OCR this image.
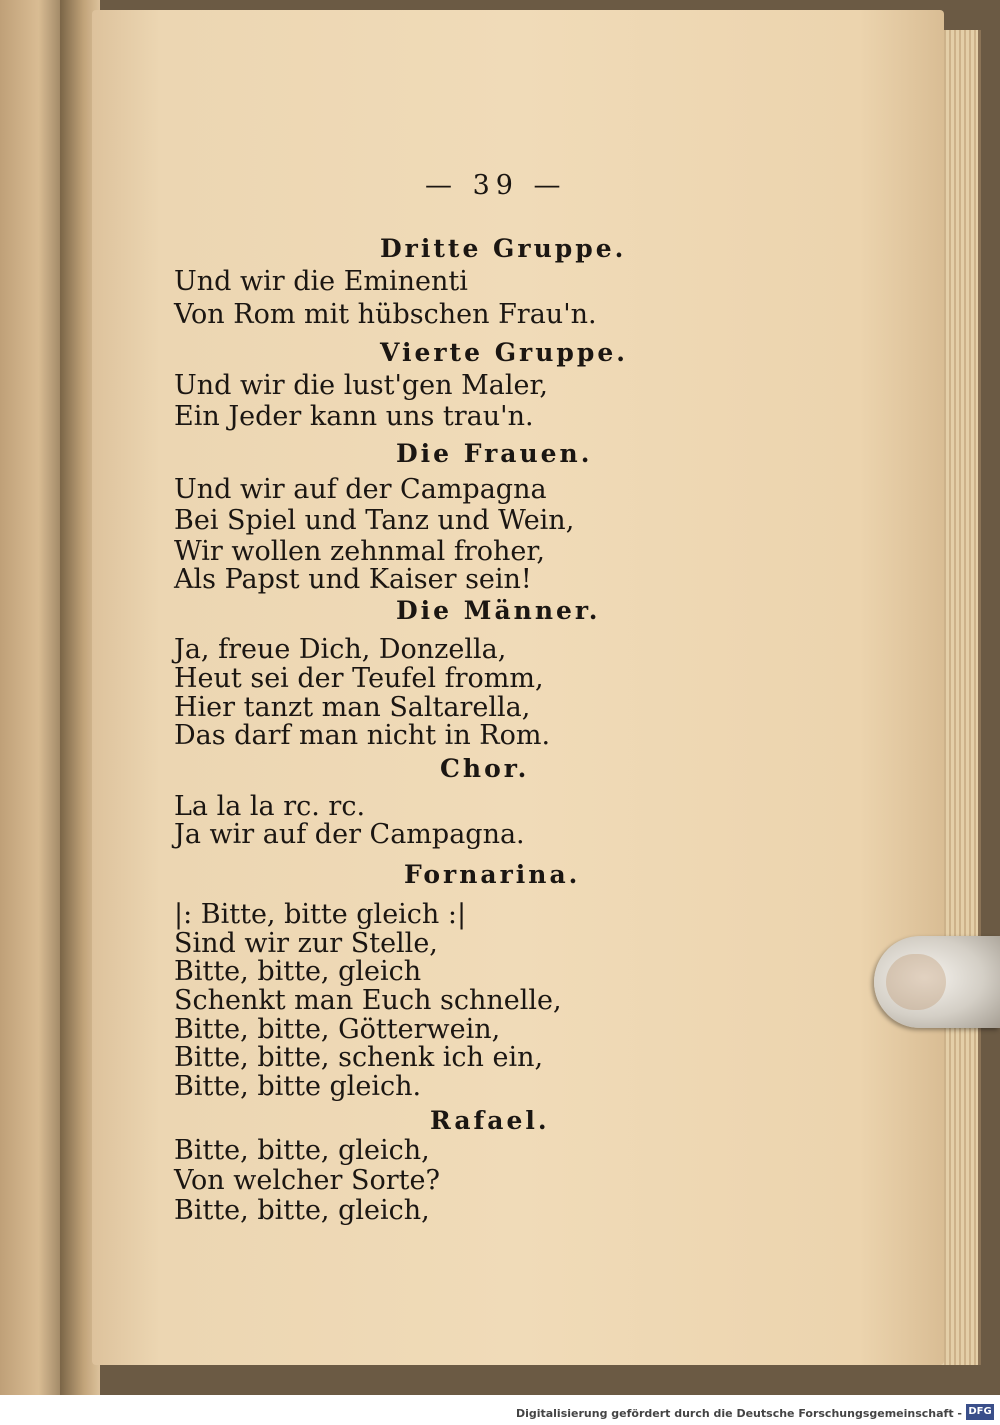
— 39 —
Dritte Gruppe.
Und wir die Eminenti
Von Rom mit hübschen Frau'n.
Vierte Gruppe.
Und wir die lust'gen Maler,
Ein Jeder kann uns trau'n.
Die Frauen.
Und wir auf der Campagna
Bei Spiel und Tanz und Wein,
Wir wollen zehnmal froher,
Als Papst und Kaiser sein!
Die Männer.
Ja, freue Dich, Donzella,
Heut sei der Teufel fromm,
Hier tanzt man Saltarella,
Das darf man nicht in Rom.
Chor.
La la la rc. rc.
Ja wir auf der Campagna.
Fornarina.
|: Bitte, bitte gleich :|
Sind wir zur Stelle,
Bitte, bitte, gleich
Schenkt man Euch schnelle,
Bitte, bitte, Götterwein,
Bitte, bitte, schenk ich ein,
Bitte, bitte gleich.
Rafael.
Bitte, bitte, gleich,
Von welcher Sorte?
Bitte, bitte, gleich,
Digitalisierung gefördert durch die Deutsche Forschungsgemeinschaft - DFG
